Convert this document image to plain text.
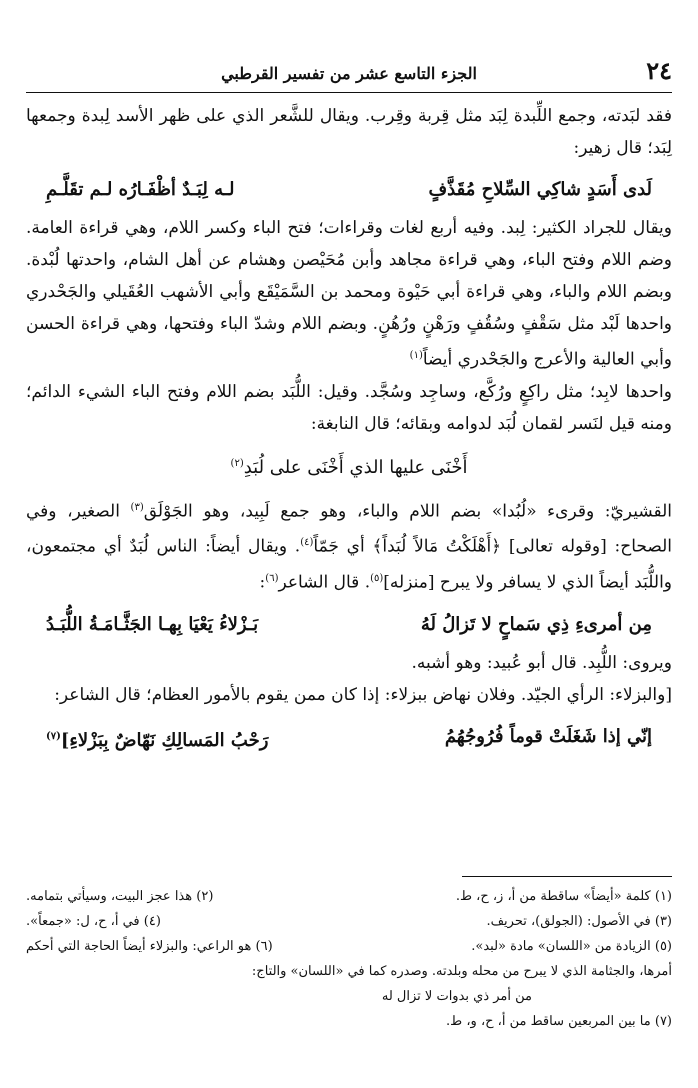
٢٤
الجزء التاسع عشر من تفسير القرطبي

فقد لبَدته، وجمع اللِّبدة لِبَد مثل قِربة وقِرب. ويقال للشَّعر الذي على ظهر الأسد لِبدة وجمعها لِبَد؛ قال زهير:

لَدى أَسَدٍ شاكِي السِّلاحِ مُقَذَّفٍ
لـه لِبَـدٌ أظْفَـارُه لـم تقَلَّـمِ

ويقال للجراد الكثير: لِبد. وفيه أربع لغات وقراءات؛ فتح الباء وكسر اللام، وهي قراءة العامة. وضم اللام وفتح الباء، وهي قراءة مجاهد وأبن مُحَيْصن وهشام عن أهل الشام، واحدتها لُبْدة. وبضم اللام والباء، وهي قراءة أبي حَيْوة ومحمد بن السَّمَيْقَع وأبي الأشهب العُقَيلي والجَحْدري واحدها لَبْد مثل سَقْفٍ وسُقُفٍ ورَهْنٍ ورُهُنٍ. وبضم اللام وشدّ الباء وفتحها، وهي قراءة الحسن وأبي العالية والأعرج والجَحْدري أيضاً$^{(١)}$

واحدها لابِد؛ مثل راكِعٍ ورُكَّع، وساجِد وسُجَّد. وقيل: اللُّبَد بضم اللام وفتح الباء الشيء الدائم؛ ومنه قيل لنَسر لقمان لُبَد لدوامه وبقائه؛ قال النابغة:

أَخْنَى عليها الذي أَخْنَى على لُبَدِ$^{(٢)}$

القشيريّ: وقرىء «لُبُدا» بضم اللام والباء، وهو جمع لَبِيد، وهو الجَوْلَق$^{(٣)}$ الصغير، وفي الصحاح: [وقوله تعالى] ﴿أَهْلَكْتُ مَالاً لُبَداً﴾ أي جَمّاً$^{(٤)}$. ويقال أيضاً: الناس لُبَدٌ أي مجتمعون، واللُّبَد أيضاً الذي لا يسافر ولا يبرح [منزله]$^{(٥)}$. قال الشاعر$^{(٦)}$:

مِن أمرىءِ ذِي سَماحٍ لا تَزالُ لَهُ
بَـزْلاءُ يَعْيَا بِهـا الجَثَّـامَـةُ اللُّبَـدُ

ويروى: اللُّبِد. قال أبو عُبيد: وهو أشبه.

[والبزلاء: الرأي الجيّد. وفلان نهاض ببزلاء: إذا كان ممن يقوم بالأمور العظام؛ قال الشاعر:

إنّي إذا شَغَلَتْ قوماً فُرُوجُهُمُ
رَحْبُ المَسالِكِ نَهّاضٌ بِبَزْلاءِ]$^{(٧)}$
(١) كلمة «أيضاً» ساقطة من أ، ز، ح، ط.
(٢) هذا عجز البيت، وسيأتي بتمامه.
(٣) في الأصول: (الجولق)، تحريف.
(٤) في أ، ح، ل: «جمعاً».
(٥) الزيادة من «اللسان» مادة «لبد».
(٦) هو الراعي: والبزلاء أيضاً الحاجة التي أحكم
أمرها، والجثامة الذي لا يبرح من محله وبلدته. وصدره كما في «اللسان» والتاج:
من أمر ذي بدوات لا تزال له
(٧) ما بين المربعين ساقط من أ، ح، و، ط.
